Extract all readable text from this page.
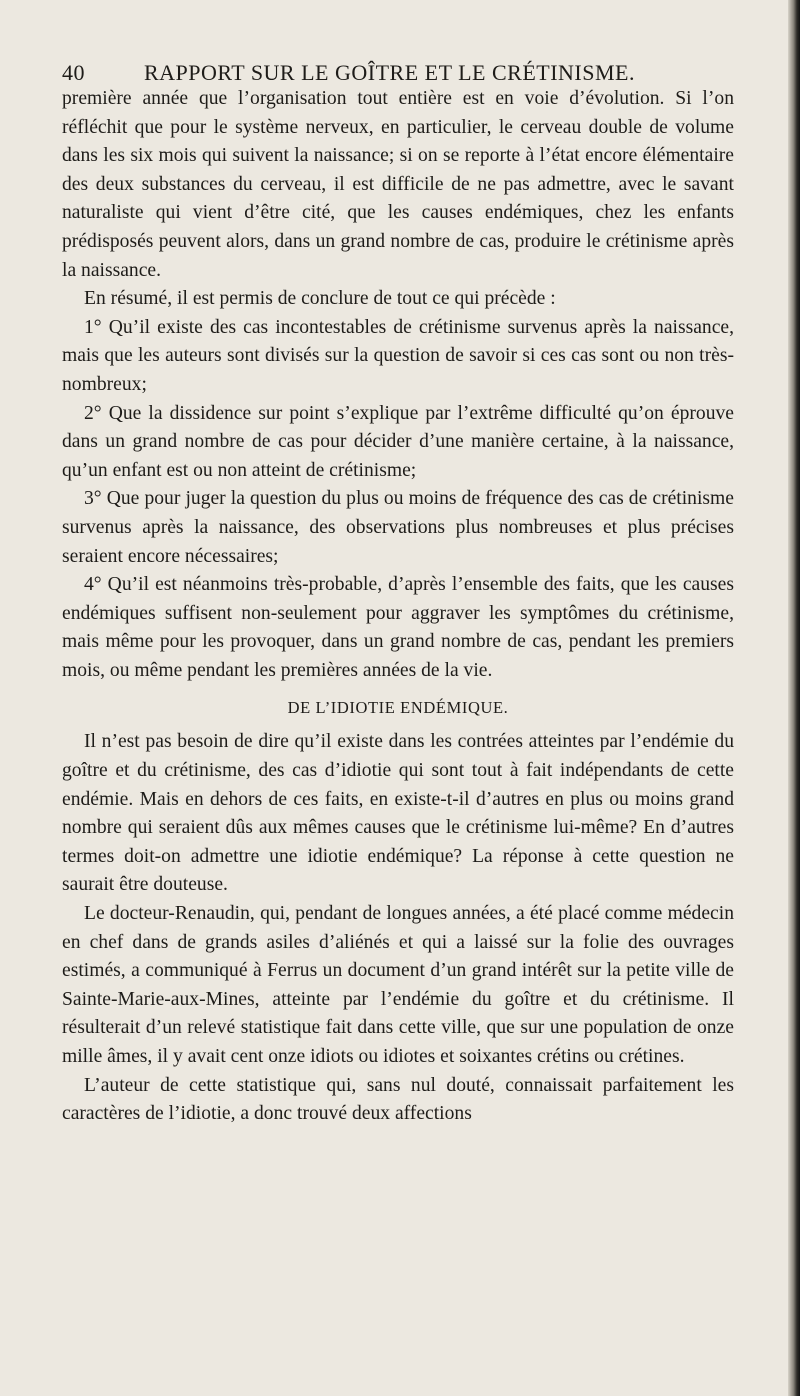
40	RAPPORT SUR LE GOÎTRE ET LE CRÉTINISME.

première année que l’organisation tout entière est en voie d’évolution. Si l’on réfléchit que pour le système nerveux, en particulier, le cerveau double de volume dans les six mois qui suivent la naissance; si on se reporte à l’état encore élémentaire des deux substances du cerveau, il est difficile de ne pas admettre, avec le savant naturaliste qui vient d’être cité, que les causes endémiques, chez les enfants prédisposés peuvent alors, dans un grand nombre de cas, produire le crétinisme après la naissance.

En résumé, il est permis de conclure de tout ce qui précède :

1° Qu’il existe des cas incontestables de crétinisme survenus après la naissance, mais que les auteurs sont divisés sur la question de savoir si ces cas sont ou non très-nombreux;

2° Que la dissidence sur point s’explique par l’extrême difficulté qu’on éprouve dans un grand nombre de cas pour décider d’une manière certaine, à la naissance, qu’un enfant est ou non atteint de crétinisme;

3° Que pour juger la question du plus ou moins de fréquence des cas de crétinisme survenus après la naissance, des observations plus nombreuses et plus précises seraient encore nécessaires;

4° Qu’il est néanmoins très-probable, d’après l’ensemble des faits, que les causes endémiques suffisent non-seulement pour aggraver les symptômes du crétinisme, mais même pour les provoquer, dans un grand nombre de cas, pendant les premiers mois, ou même pendant les premières années de la vie.

DE L’IDIOTIE ENDÉMIQUE.

Il n’est pas besoin de dire qu’il existe dans les contrées atteintes par l’endémie du goître et du crétinisme, des cas d’idiotie qui sont tout à fait indépendants de cette endémie. Mais en dehors de ces faits, en existe-t-il d’autres en plus ou moins grand nombre qui seraient dûs aux mêmes causes que le crétinisme lui-même? En d’autres termes doit-on admettre une idiotie endémique? La réponse à cette question ne saurait être douteuse.

Le docteur-Renaudin, qui, pendant de longues années, a été placé comme médecin en chef dans de grands asiles d’aliénés et qui a laissé sur la folie des ouvrages estimés, a communiqué à Ferrus un document d’un grand intérêt sur la petite ville de Sainte-Marie-aux-Mines, atteinte par l’endémie du goître et du crétinisme. Il résulterait d’un relevé statistique fait dans cette ville, que sur une population de onze mille âmes, il y avait cent onze idiots ou idiotes et soixantes crétins ou crétines.

L’auteur de cette statistique qui, sans nul douté, connaissait parfaitement les caractères de l’idiotie, a donc trouvé deux affections
